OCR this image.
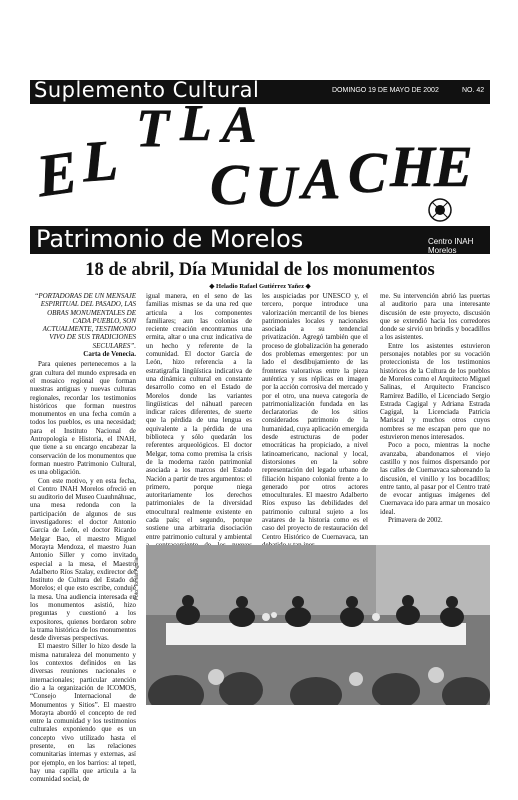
Suplemento Cultural	DOMINGO 19 DE MAYO DE 2002	NO. 42
E
L T L A
C U A C H
E
Patrimonio de Morelos	Centro INAH Morelos
18 de abril, Día Munidal de los monumentos
◆ Heladio Rafael Gutiérrez Yañez ◆

“PORTADORAS DE UN MENSAJE ESPIRITUAL DEL PASADO, LAS OBRAS MONUMENTALES DE CADA PUEBLO, SON ACTUALMENTE, TESTIMONIO VIVO DE SUS TRADICIONES SECULARES”.

Carta de Venecia.

Para quienes pertenecemos a la gran cultura del mundo expresada en el mosaico regional que forman nuestras antiguas y nuevas culturas regionales, recordar los testimonios históricos que forman nuestros monumentos en una fecha común a todos los pueblos, es una necesidad; para el Instituto Nacional de Antropología e Historia, el INAH, que tiene a su encargo encabezar la conservación de los monumentos que forman nuestro Patrimonio Cultural, es una obligación.

Con este motivo, y en esta fecha, el Centro INAH Morelos ofreció en su auditorio del Museo Cuauhnáhuac, una mesa redonda con la participación de algunos de sus investigadores: el doctor Antonio García de León, el doctor Ricardo Melgar Bao, el maestro Miguel Morayta Mendoza, el maestro Juan Antonio Siller y como invitado especial a la mesa, el Maestro Adalberto Ríos Szalay, exdirector del Instituto de Cultura del Estado de Morelos; el que esto escribe, conduje la mesa. Una audiencia interesada en los monumentos asistió, hizo preguntas y cuestionó a los expositores, quienes bordaron sobre la trama histórica de los monumentos desde diversas perspectivas.

El maestro Siller lo hizo desde la misma naturaleza del monumento y los contextos definidos en las diversas reuniones nacionales e internacionales; particular atención dio a la organización de ICOMOS, “Consejo Internacional de Monumentos y Sitios”. El maestro Morayta abordó el concepto de red entre la comunidad y los testimonios culturales exponiendo que es un concepto vivo utilizado hasta el presente, en las relaciones comunitarias internas y externas, así por ejemplo, en los barrios: al tepetl, hay una capilla que articula a la comunidad social, de

igual manera, en el seno de las familias mismas se da una red que articula a los componentes familiares; aun las colonias de reciente creación encontramos una ermita, altar o una cruz indicativa de un hecho y referente de la comunidad. El doctor García de León, hizo referencia a la estratigrafía lingüística indicativa de una dinámica cultural en constante desarrollo como en el Estado de Morelos donde las variantes lingüísticas del náhuatl parecen indicar raíces diferentes, de suerte que la pérdida de una lengua es equivalente a la pérdida de una biblioteca y sólo quedarán los referentes arqueológicos. El doctor Melgar, toma como premisa la crisis de la moderna razón patrimonial asociada a los marcos del Estado Nación a partir de tres argumentos: el primero, porque niega autoritariamente los derechos patrimoniales de la diversidad etnocultural realmente existente en cada país; el segundo, porque sostiene una arbitraria disociación entre patrimonio cultural y ambiental

les auspiciadas por UNESCO y, el tercero, porque introduce una valorización mercantil de los bienes patrimoniales locales y nacionales asociada a su tendencial privatización. Agregó también que el proceso de globalización ha generado dos problemas emergentes: por un lado el desdibujamiento de las fronteras valorativas entre la pieza auténtica y sus réplicas en imagen por la acción corrosiva del mercado y por el otro, una nueva categoría de patrimonialización fundada en las declaratorias de los sitios considerados patrimonio de la humanidad, cuya aplicación emergida desde estructuras de poder etnocráticas ha propiciado, a nivel latinoamericano, nacional y local, distorsiones en la sobre representación del legado urbano de filiación hispano colonial frente a lo generado por otros actores etnoculturales. El maestro Adalberto Ríos expuso las debilidades del patrimonio cultural sujeto a los avatares de la historia como es el caso del proyecto de restauración del Centro Histórico de Cuernavaca, tan

me. Su intervención abrió las puertas al auditorio para una interesante discusión de este proyecto, discusión que se extendió hacia los corredores donde se sirvió un brindis y bocadillos a los asistentes.

Entre los asistentes estuvieron personajes notables por su vocación proteccionista de los testimonios históricos de la Cultura de los pueblos de Morelos como el Arquitecto Miguel Salinas, el Arquitecto Francisco Ramírez Badillo, el Licenciado Sergio Estrada Cagigal y Adriana Estrada Cagigal, la Licenciada Patricia Mariscal y muchos otros cuyos nombres se me escapan pero que no estuvieron menos interesados.

Poco a poco, mientras la noche avanzaba, abandonamos el viejo castillo y nos fuimos dispersando por las calles de Cuernavaca saboreando la discusión, el vinillo y los bocadillos; entre tanto, al pasar por el Centro traté de evocar antiguas imágenes del Cuernavaca ido para armar un mosaico ideal.

Primavera de 2002.

Foto: Tomás Aguilar
